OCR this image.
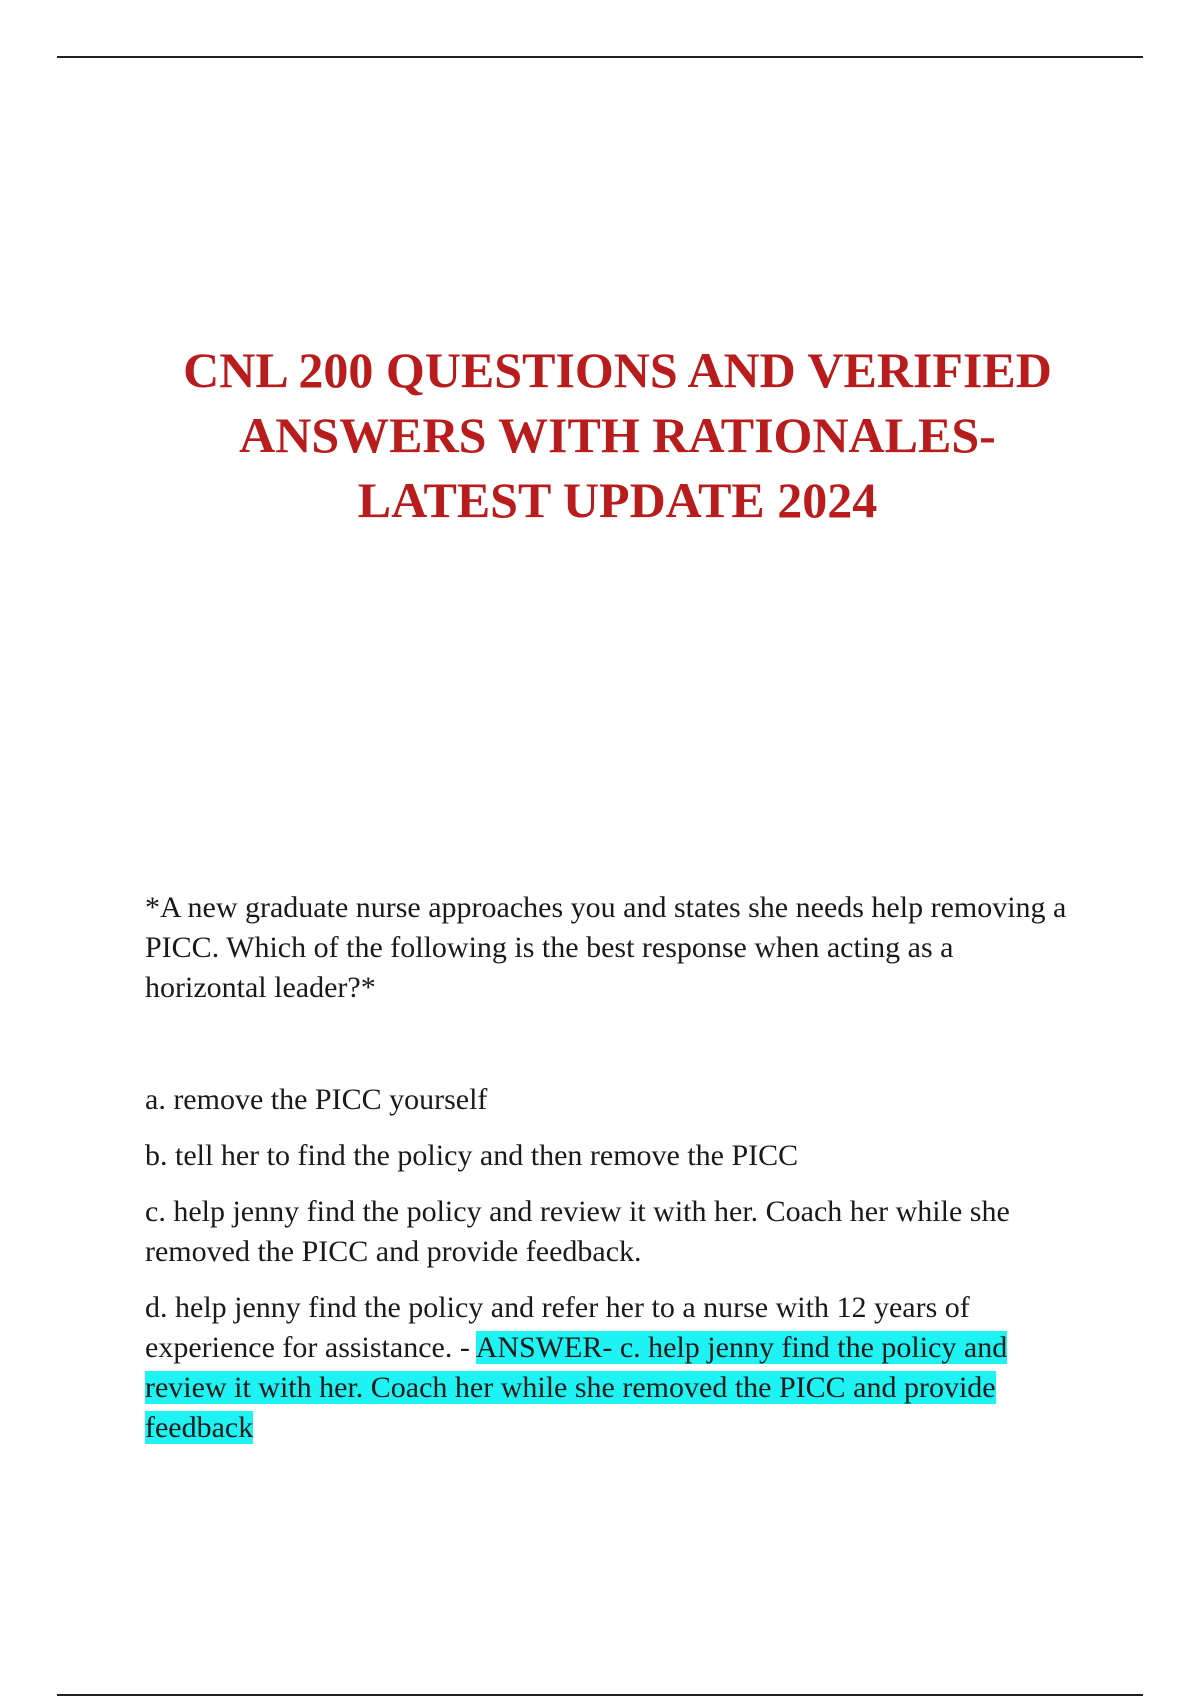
CNL 200 QUESTIONS AND VERIFIED
ANSWERS WITH RATIONALES-
LATEST UPDATE 2024

*A new graduate nurse approaches you and states she needs help removing a PICC. Which of the following is the best response when acting as a horizontal leader?*

a. remove the PICC yourself

b. tell her to find the policy and then remove the PICC

c. help jenny find the policy and review it with her. Coach her while she removed the PICC and provide feedback.

d. help jenny find the policy and refer her to a nurse with 12 years of experience for assistance. - ANSWER- c. help jenny find the policy and review it with her. Coach her while she removed the PICC and provide feedback
